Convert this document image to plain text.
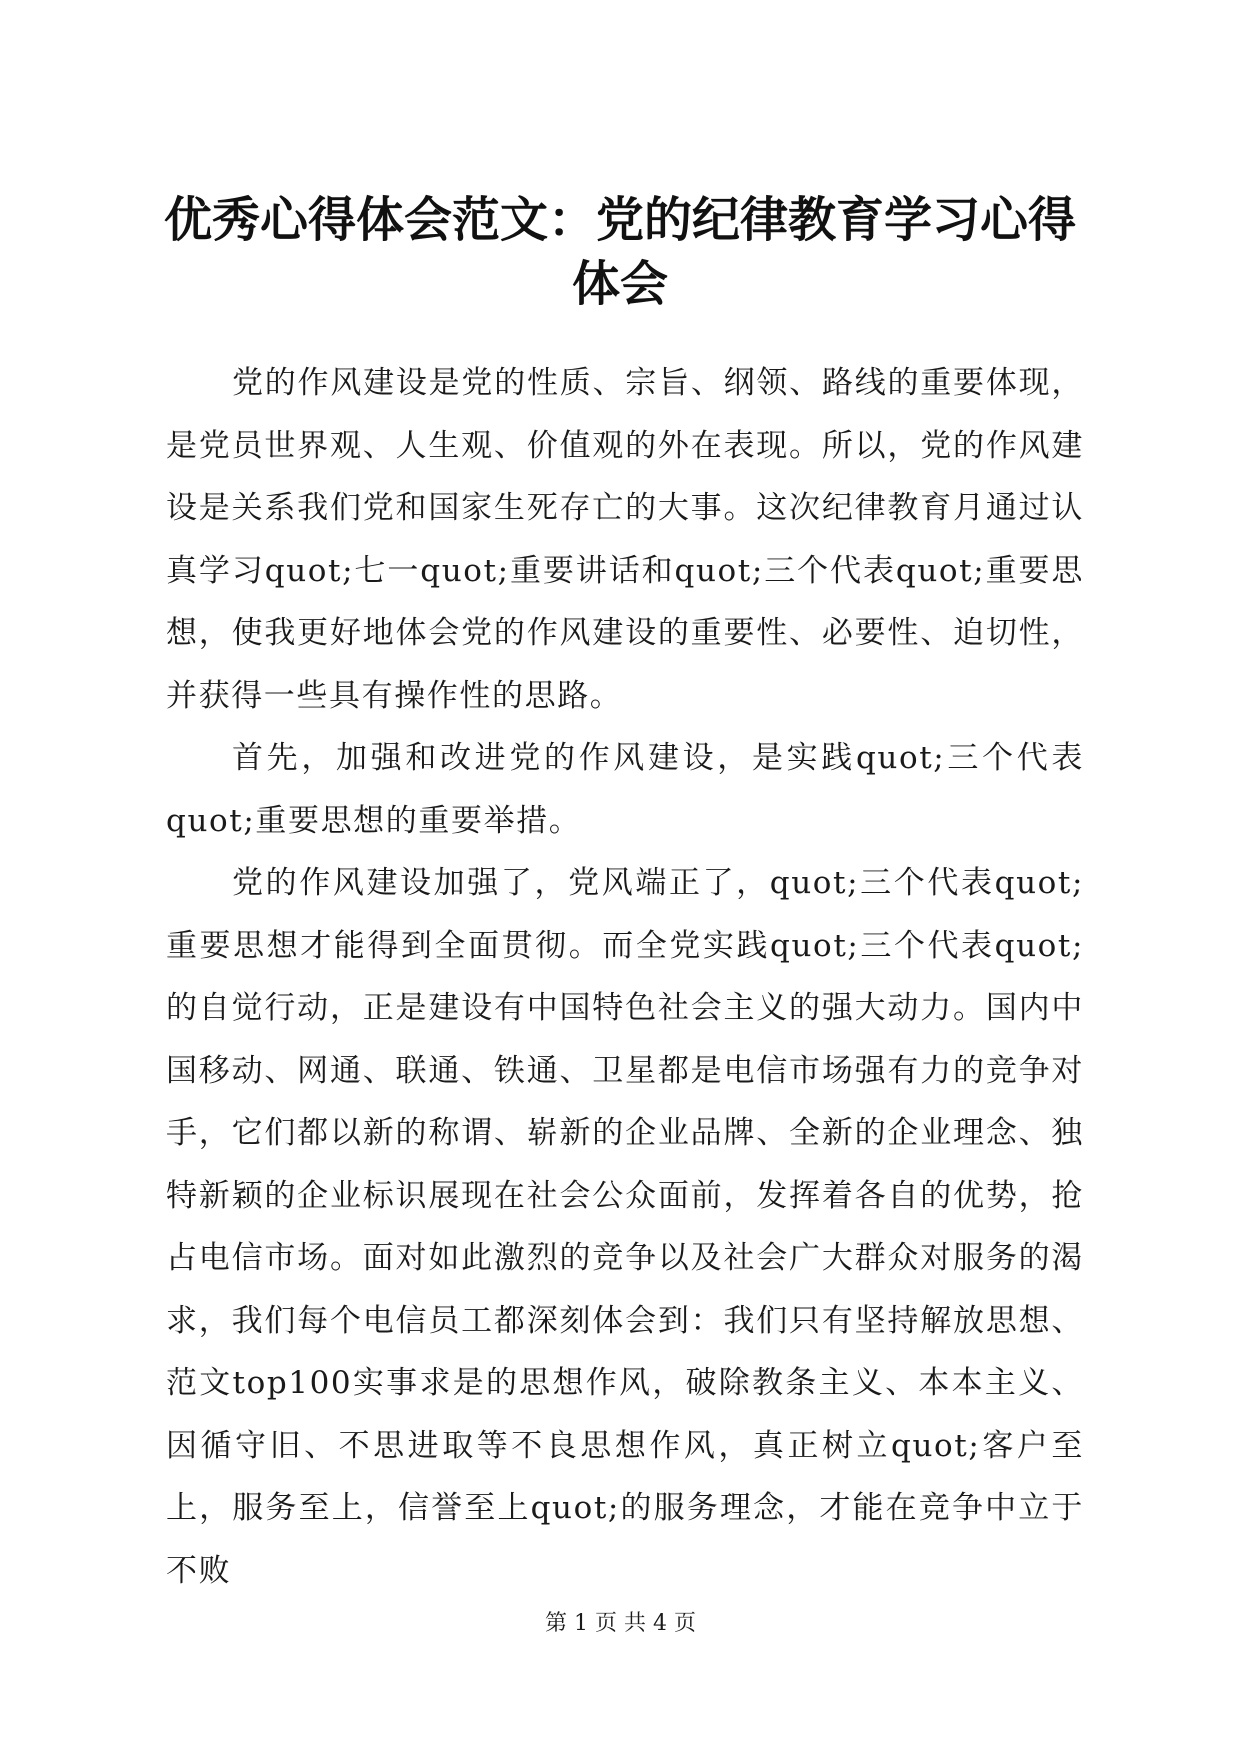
优秀心得体会范文：党的纪律教育学习心得体会

党的作风建设是党的性质、宗旨、纲领、路线的重要体现，是党员世界观、人生观、价值观的外在表现。所以，党的作风建设是关系我们党和国家生死存亡的大事。这次纪律教育月通过认真学习quot;七一quot;重要讲话和quot;三个代表quot;重要思想，使我更好地体会党的作风建设的重要性、必要性、迫切性，并获得一些具有操作性的思路。

首先，加强和改进党的作风建设，是实践quot;三个代表quot;重要思想的重要举措。

党的作风建设加强了，党风端正了，quot;三个代表quot;重要思想才能得到全面贯彻。而全党实践quot;三个代表quot;的自觉行动，正是建设有中国特色社会主义的强大动力。国内中国移动、网通、联通、铁通、卫星都是电信市场强有力的竞争对手，它们都以新的称谓、崭新的企业品牌、全新的企业理念、独特新颖的企业标识展现在社会公众面前，发挥着各自的优势，抢占电信市场。面对如此激烈的竞争以及社会广大群众对服务的渴求，我们每个电信员工都深刻体会到：我们只有坚持解放思想、范文top100实事求是的思想作风，破除教条主义、本本主义、因循守旧、不思进取等不良思想作风，真正树立quot;客户至上，服务至上，信誉至上quot;的服务理念，才能在竞争中立于不败

第 1 页 共 4 页
